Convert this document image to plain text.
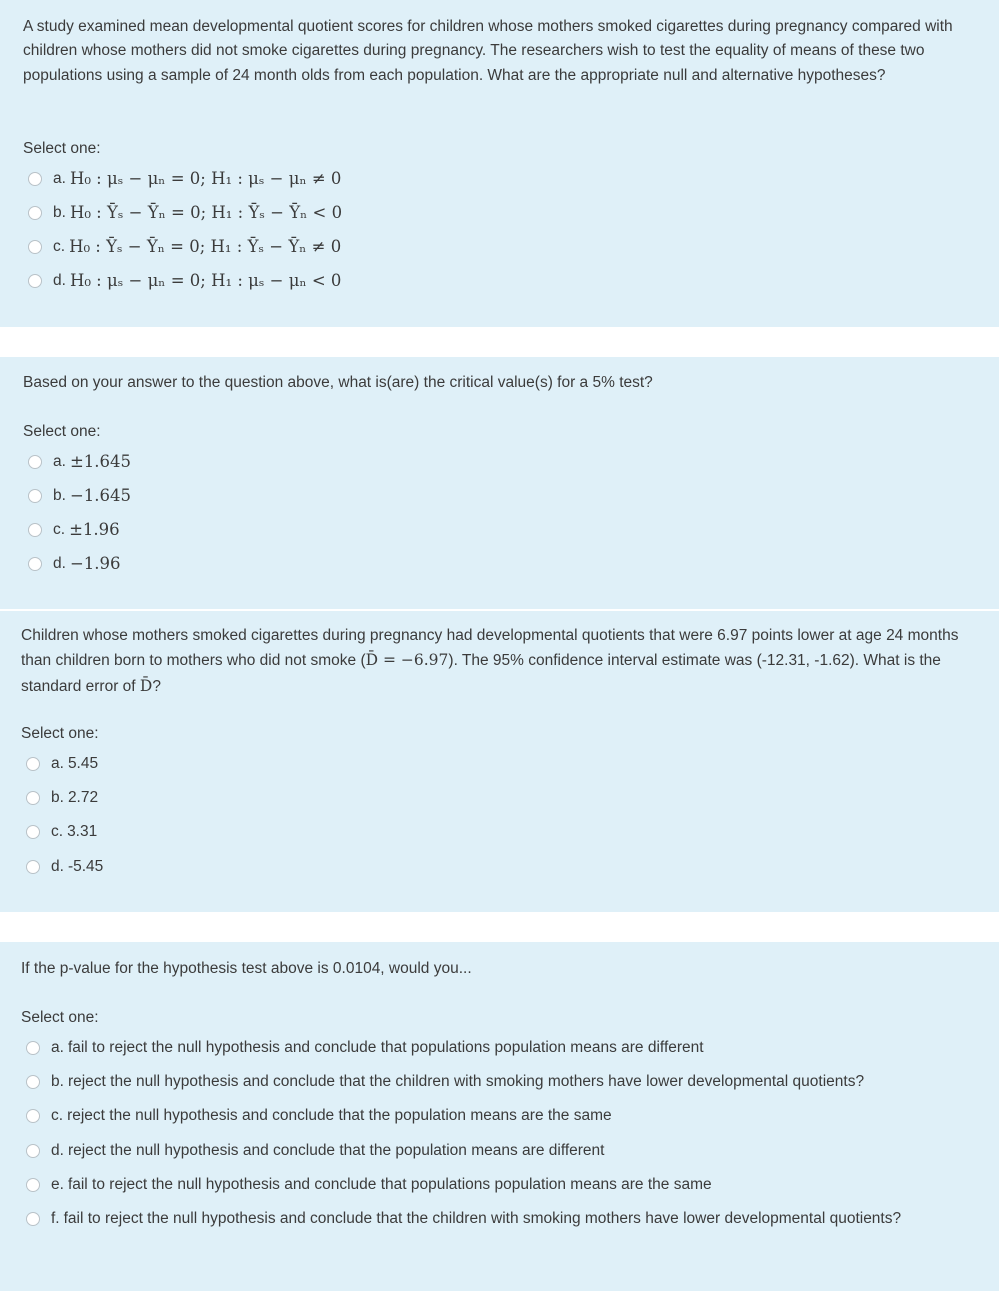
A study examined mean developmental quotient scores for children whose mothers smoked cigarettes during pregnancy compared with children whose mothers did not smoke cigarettes during pregnancy. The researchers wish to test the equality of means of these two populations using a sample of 24 month olds from each population. What are the appropriate null and alternative hypotheses?
Select one:
a. H₀ : μₛ − μₙ = 0; H₁ : μₛ − μₙ ≠ 0
b. H₀ : Ȳₛ − Ȳₙ = 0; H₁ : Ȳₛ − Ȳₙ < 0
c. H₀ : Ȳₛ − Ȳₙ = 0; H₁ : Ȳₛ − Ȳₙ ≠ 0
d. H₀ : μₛ − μₙ = 0; H₁ : μₛ − μₙ < 0
Based on your answer to the question above, what is(are) the critical value(s) for a 5% test?
Select one:
a. ±1.645
b. −1.645
c. ±1.96
d. −1.96
Children whose mothers smoked cigarettes during pregnancy had developmental quotients that were 6.97 points lower at age 24 months than children born to mothers who did not smoke (D̄ = −6.97). The 95% confidence interval estimate was (-12.31, -1.62). What is the standard error of D̄?
Select one:
a. 5.45
b. 2.72
c. 3.31
d. -5.45
If the p-value for the hypothesis test above is 0.0104, would you...
Select one:
a. fail to reject the null hypothesis and conclude that populations population means are different
b. reject the null hypothesis and conclude that the children with smoking mothers have lower developmental quotients?
c. reject the null hypothesis and conclude that the population means are the same
d. reject the null hypothesis and conclude that the population means are different
e. fail to reject the null hypothesis and conclude that populations population means are the same
f. fail to reject the null hypothesis and conclude that the children with smoking mothers have lower developmental quotients?
